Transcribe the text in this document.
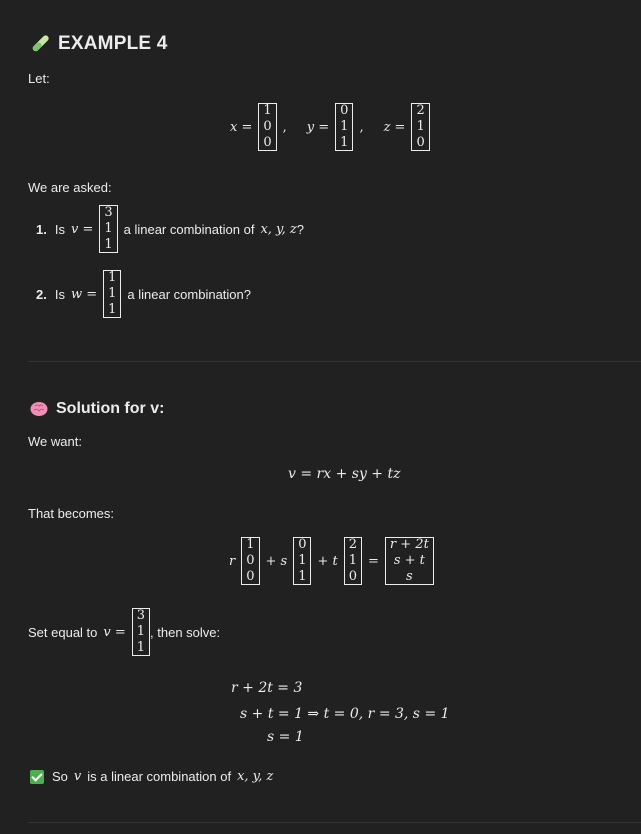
EXAMPLE 4
Let:
x =
1
0
0
, y =
0
1
1
, z =
2
1
0
We are asked:
1. Is v =
3
1
1
a linear combination of x, y, z ?
2. Is w =
1
1
1
a linear combination?
Solution for v:
We want:
v = rx + sy + tz
That becomes:
r
1
0
0
+ s
0
1
1
+ t
2
1
0
=
r + 2t
s + t
s
Set equal to v =
3
1
1
, then solve:
r + 2t = 3
s + t = 1 ⇒ t = 0, r = 3, s = 1
s = 1
So v is a linear combination of x, y, z
